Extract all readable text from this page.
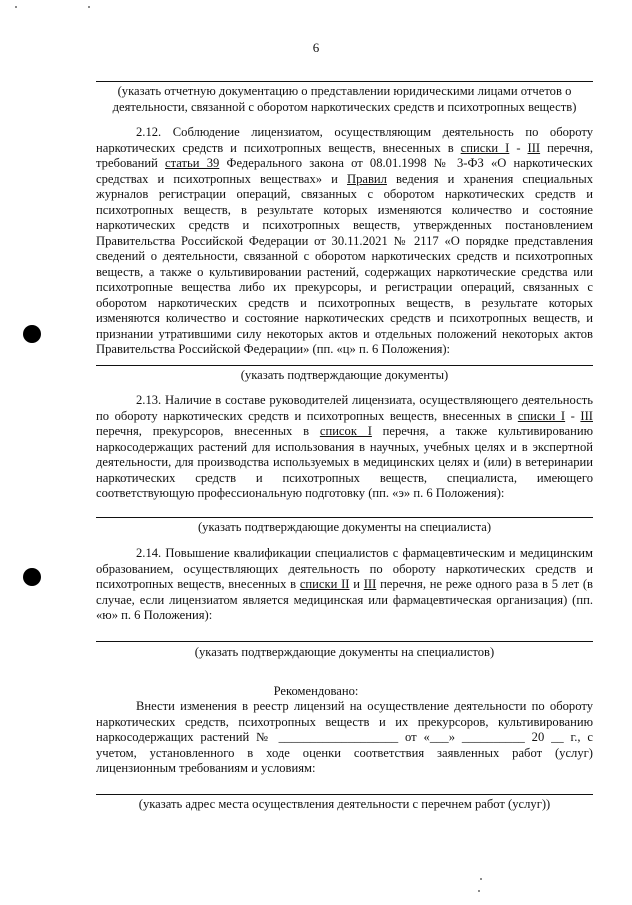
6
(указать отчетную документацию о представлении юридическими лицами отчетов о деятельности, связанной с оборотом наркотических средств и психотропных веществ)

2.12. Соблюдение лицензиатом, осуществляющим деятельность по обороту наркотических средств и психотропных веществ, внесенных в списки I - III перечня, требований статьи 39 Федерального закона от 08.01.1998 № 3-ФЗ «О наркотических средствах и психотропных веществах» и Правил ведения и хранения специальных журналов регистрации операций, связанных с оборотом наркотических средств и психотропных веществ, в результате которых изменяются количество и состояние наркотических средств и психотропных веществ, утвержденных постановлением Правительства Российской Федерации от 30.11.2021 № 2117 «О порядке представления сведений о деятельности, связанной с оборотом наркотических средств и психотропных веществ, а также о культивировании растений, содержащих наркотические средства или психотропные вещества либо их прекурсоры, и регистрации операций, связанных с оборотом наркотических средств и психотропных веществ, в результате которых изменяются количество и состояние наркотических средств и психотропных веществ, и признании утратившими силу некоторых актов и отдельных положений некоторых актов Правительства Российской Федерации» (пп. «ц» п. 6 Положения):

(указать подтверждающие документы)

2.13. Наличие в составе руководителей лицензиата, осуществляющего деятельность по обороту наркотических средств и психотропных веществ, внесенных в списки I - III перечня, прекурсоров, внесенных в список I перечня, а также культивированию наркосодержащих растений для использования в научных, учебных целях и в экспертной деятельности, для производства используемых в медицинских целях и (или) в ветеринарии наркотических средств и психотропных веществ, специалиста, имеющего соответствующую профессиональную подготовку (пп. «э» п. 6 Положения):

(указать подтверждающие документы на специалиста)

2.14. Повышение квалификации специалистов с фармацевтическим и медицинским образованием, осуществляющих деятельность по обороту наркотических средств и психотропных веществ, внесенных в списки II и III перечня, не реже одного раза в 5 лет (в случае, если лицензиатом является медицинская или фармацевтическая организация) (пп. «ю» п. 6 Положения):

(указать подтверждающие документы на специалистов)
Рекомендовано:

Внести изменения в реестр лицензий на осуществление деятельности по обороту наркотических средств, психотропных веществ и их прекурсоров, культивированию наркосодержащих растений № ___________________ от «___» __________ 20 __ г., с учетом, установленного в ходе оценки соответствия заявленных работ (услуг) лицензионным требованиям и условиям:

(указать адрес места осуществления деятельности с перечнем работ (услуг))
